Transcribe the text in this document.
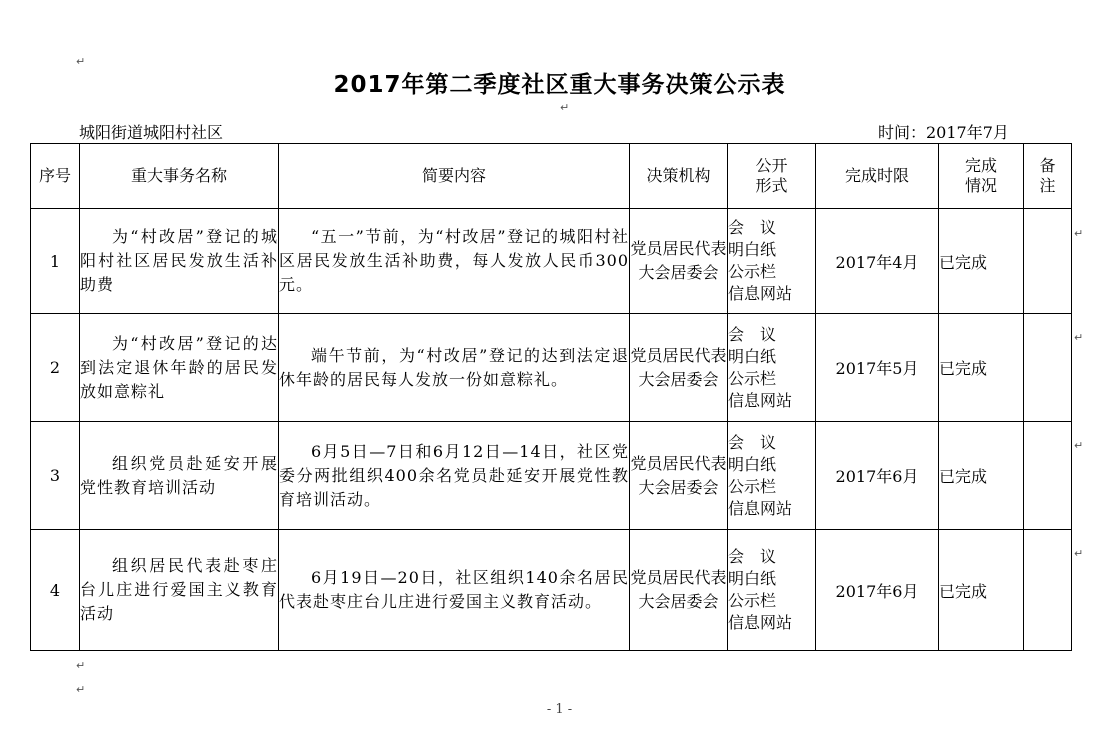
↵
2017年第二季度社区重大事务决策公示表
↵
城阳街道城阳村社区	时间：2017年7月
序号	重大事务名称	简要内容	决策机构	公开形式	完成时限	完成情况	备注

1	为“村改居”登记的城阳村社区居民发放生活补助费	“五一”节前，为“村改居”登记的城阳村社区居民发放生活补助费，每人发放人民币300元。	党员居民代表大会居委会	会　议
明白纸
公示栏
信息网站	2017年4月	已完成	
2	为“村改居”登记的达到法定退休年龄的居民发放如意粽礼	端午节前，为“村改居”登记的达到法定退休年龄的居民每人发放一份如意粽礼。	党员居民代表大会居委会	会　议
明白纸
公示栏
信息网站	2017年5月	已完成	
3	组织党员赴延安开展党性教育培训活动	6月5日—7日和6月12日—14日，社区党委分两批组织400余名党员赴延安开展党性教育培训活动。	党员居民代表大会居委会	会　议
明白纸
公示栏
信息网站	2017年6月	已完成	
4	组织居民代表赴枣庄台儿庄进行爱国主义教育活动	6月19日—20日，社区组织140余名居民代表赴枣庄台儿庄进行爱国主义教育活动。	党员居民代表大会居委会	会　议
明白纸
公示栏
信息网站	2017年6月	已完成	
↵
↵
↵
↵
↵
↵
- 1 -
